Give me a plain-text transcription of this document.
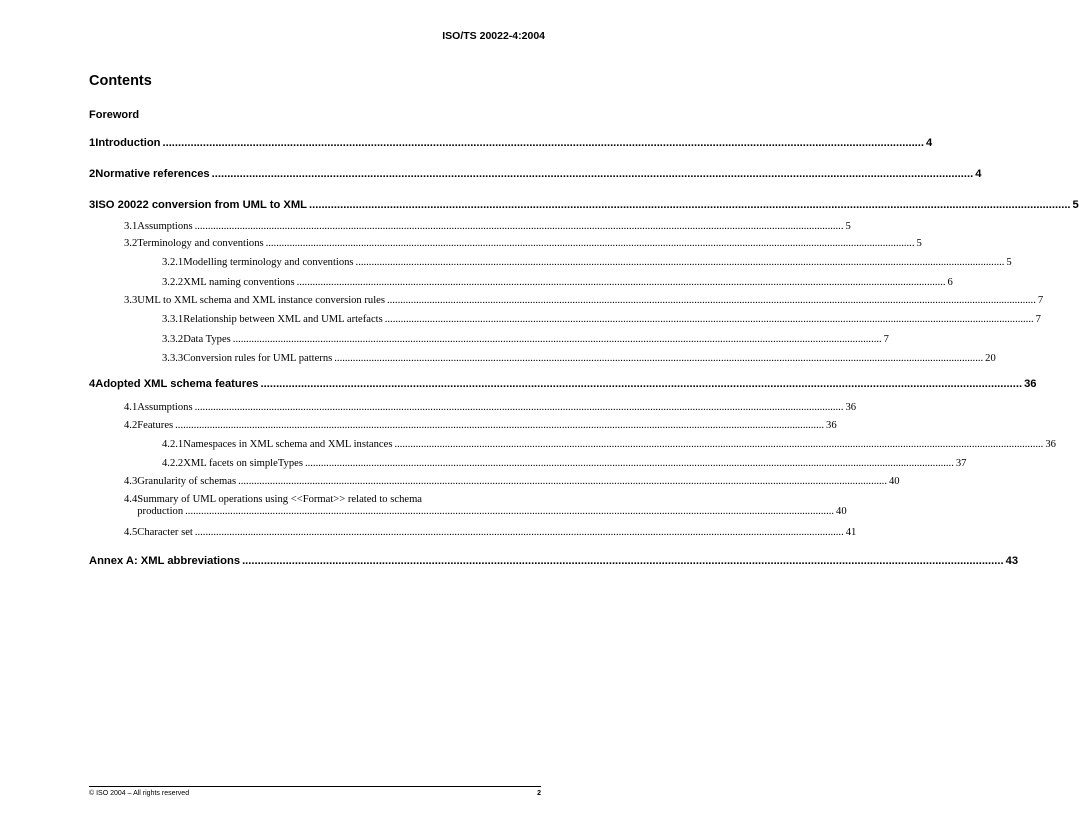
ISO/TS 20022-4:2004
Contents
Foreword
1 Introduction .....	4
2 Normative references .....	4
3 ISO 20022 conversion from UML to XML .....	5
3.1 Assumptions .....	5
3.2 Terminology and conventions .....	5
3.2.1 Modelling terminology and conventions .....	5
3.2.2 XML naming conventions .....	6
3.3 UML to XML schema and XML instance conversion rules .....	7
3.3.1 Relationship between XML and UML artefacts .....	7
3.3.2 Data Types .....	7
3.3.3 Conversion rules for UML patterns .....	20
4 Adopted XML schema features .....	36
4.1 Assumptions .....	36
4.2 Features .....	36
4.2.1 Namespaces in XML schema and XML instances .....	36
4.2.2 XML facets on simpleTypes .....	37
4.3 Granularity of schemas .....	40
4.4 Summary of UML operations using <<Format>> related to schema
production .....	40
4.5 Character set .....	41
Annex A: XML abbreviations .....	43
© ISO 2004 – All rights reserved	2
